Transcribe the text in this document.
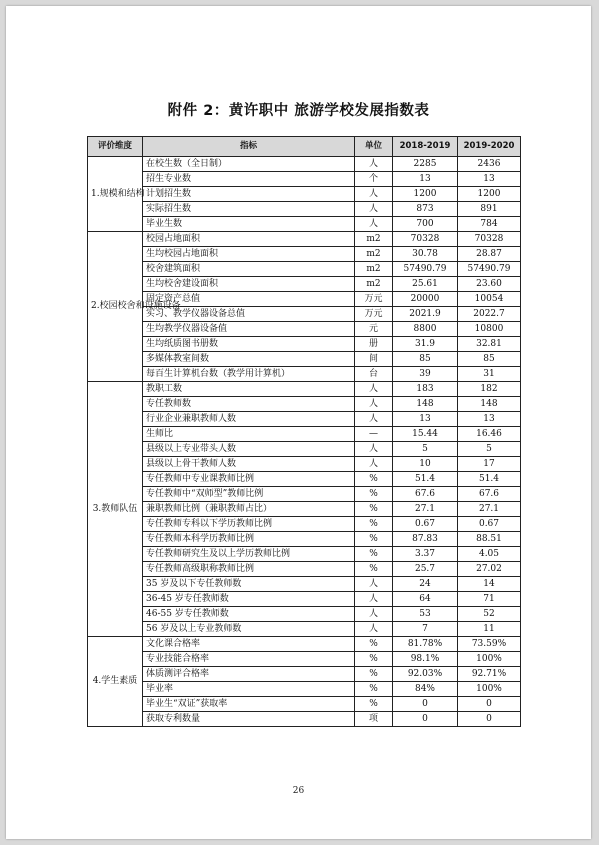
附件 2：黄许职中 旅游学校发展指数表
评价维度	指标	单位	2018-2019	2019-2020
1.规模和结构	在校生数（全日制）	人	2285	2436
	招生专业数	个	13	13
	计划招生数	人	1200	1200
	实际招生数	人	873	891
	毕业生数	人	700	784
2.校园校舍和设施设备	校园占地面积	m2	70328	70328
	生均校园占地面积	m2	30.78	28.87
	校舍建筑面积	m2	57490.79	57490.79
	生均校舍建设面积	m2	25.61	23.60
	固定资产总值	万元	20000	10054
	实习、教学仪器设备总值	万元	2021.9	2022.7
	生均教学仪器设备值	元	8800	10800
	生均纸质图书册数	册	31.9	32.81
	多媒体教室间数	间	85	85
	每百生计算机台数（教学用计算机）	台	39	31
3.教师队伍	教职工数	人	183	182
	专任教师数	人	148	148
	行业企业兼职教师人数	人	13	13
	生师比	—	15.44	16.46
	县级以上专业带头人数	人	5	5
	县级以上骨干教师人数	人	10	17
	专任教师中专业课教师比例	%	51.4	51.4
	专任教师中“双师型”教师比例	%	67.6	67.6
	兼职教师比例（兼职教师占比）	%	27.1	27.1
	专任教师专科以下学历教师比例	%	0.67	0.67
	专任教师本科学历教师比例	%	87.83	88.51
	专任教师研究生及以上学历教师比例	%	3.37	4.05
	专任教师高级职称教师比例	%	25.7	27.02
	35 岁及以下专任教师数	人	24	14
	36-45 岁专任教师数	人	64	71
	46-55 岁专任教师数	人	53	52
	56 岁及以上专业教师数	人	7	11
4.学生素质	文化课合格率	%	81.78%	73.59%
	专业技能合格率	%	98.1%	100%
	体质测评合格率	%	92.03%	92.71%
	毕业率	%	84%	100%
	毕业生“双证”获取率	%	0	0
	获取专利数量	项	0	0
26
